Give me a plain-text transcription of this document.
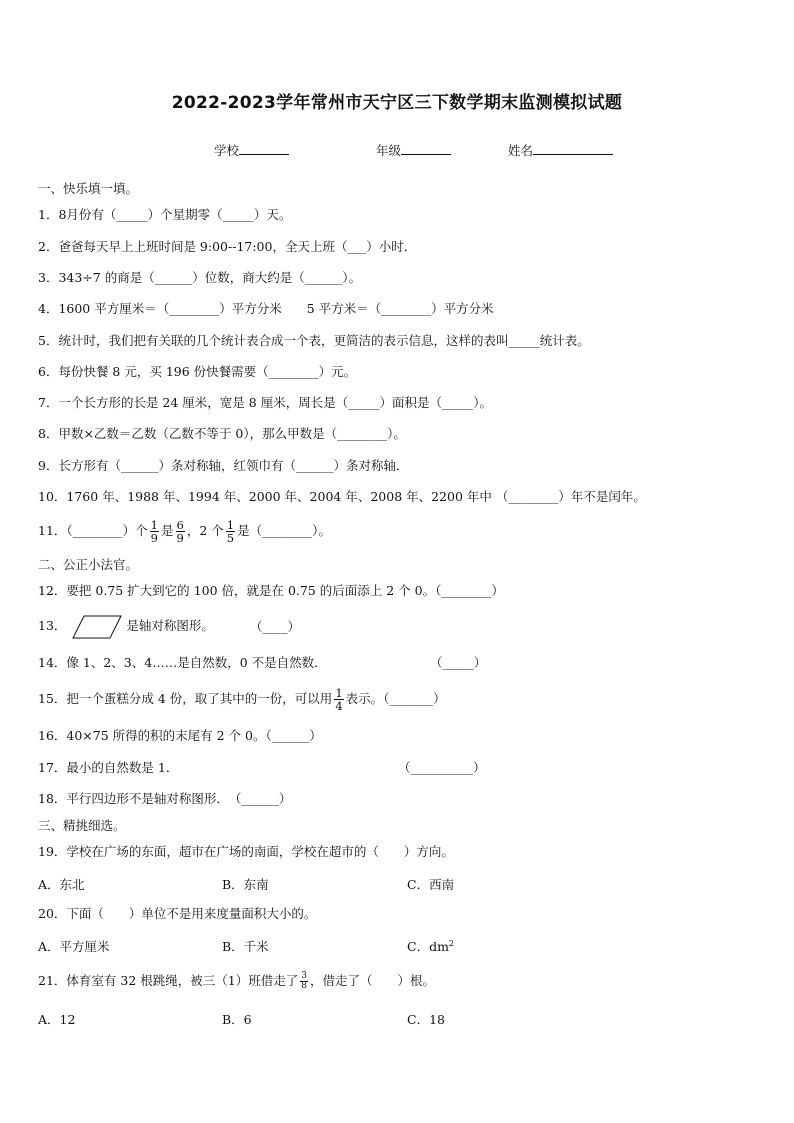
2022-2023学年常州市天宁区三下数学期末监测模拟试题
学校	年级	姓名
一、快乐填一填。
1．8月份有（_____）个星期零（_____）天。
2．爸爸每天早上上班时间是 9:00--17:00，全天上班（___）小时．
3．343÷7 的商是（______）位数，商大约是（______）。
4．1600 平方厘米＝（________）平方分米　　5 平方米＝（________）平方分米
5．统计时，我们把有关联的几个统计表合成一个表，更简洁的表示信息，这样的表叫_____统计表。
6．每份快餐 8 元，买 196 份快餐需要（________）元。
7．一个长方形的长是 24 厘米，宽是 8 厘米，周长是（_____）面积是（_____）。
8．甲数×乙数＝乙数（乙数不等于 0），那么甲数是（________）。
9．长方形有（______）条对称轴，红领巾有（______）条对称轴．
10．1760 年、1988 年、1994 年、2000 年、2004 年、2008 年、2200 年中 （________）年不是闰年。
11．（________）个 $\frac{1}{9}$ 是 $\frac{6}{9}$ ，2 个 $\frac{1}{5}$ 是（________）。
二、公正小法官。
12．要把 0.75 扩大到它的 100 倍，就是在 0.75 的后面添上 2 个 0。（________）
13．	是轴对称图形。	（____）
14．像 1、2、3、4……是自然数，0 不是自然数．	（_____）
15．把一个蛋糕分成 4 份，取了其中的一份，可以用 $\frac{1}{4}$ 表示。（_______）
16．40×75 所得的积的末尾有 2 个 0。（______）
17．最小的自然数是 1．	（__________）
18．平行四边形不是轴对称图形．　（______）
三、精挑细选。
19．学校在广场的东面，超市在广场的南面，学校在超市的（　　）方向。
A．东北	B．东南	C．西南
20．下面（　　）单位不是用来度量面积大小的。
A．平方厘米	B．千米	C．$dm^2$
21．体育室有 32 根跳绳，被三（1）班借走了 $\frac{3}{8}$ ，借走了（　　）根。
A．12	B．6	C．18
